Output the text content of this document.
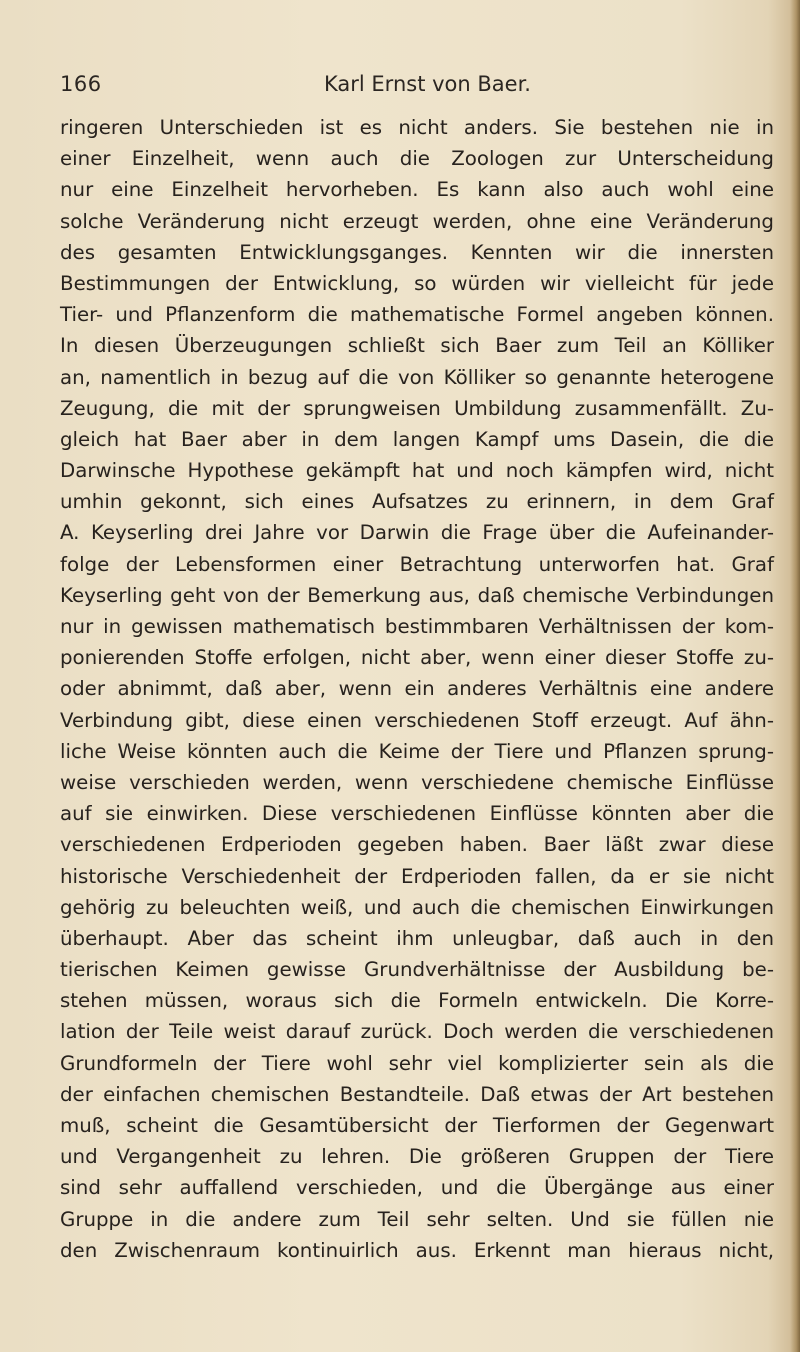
166	Karl Ernst von Baer.
ringeren Unterschieden ist es nicht anders. Sie bestehen nie in
einer Einzelheit, wenn auch die Zoologen zur Unterscheidung
nur eine Einzelheit hervorheben. Es kann also auch wohl eine
solche Veränderung nicht erzeugt werden, ohne eine Veränderung
des gesamten Entwicklungsganges. Kennten wir die innersten
Bestimmungen der Entwicklung, so würden wir vielleicht für jede
Tier- und Pflanzenform die mathematische Formel angeben können.
In diesen Überzeugungen schließt sich Baer zum Teil an Kölliker
an, namentlich in bezug auf die von Kölliker so genannte heterogene
Zeugung, die mit der sprungweisen Umbildung zusammenfällt. Zu-
gleich hat Baer aber in dem langen Kampf ums Dasein, die die
Darwinsche Hypothese gekämpft hat und noch kämpfen wird, nicht
umhin gekonnt, sich eines Aufsatzes zu erinnern, in dem Graf
A. Keyserling drei Jahre vor Darwin die Frage über die Aufeinander-
folge der Lebensformen einer Betrachtung unterworfen hat. Graf
Keyserling geht von der Bemerkung aus, daß chemische Verbindungen
nur in gewissen mathematisch bestimmbaren Verhältnissen der kom-
ponierenden Stoffe erfolgen, nicht aber, wenn einer dieser Stoffe zu-
oder abnimmt, daß aber, wenn ein anderes Verhältnis eine andere
Verbindung gibt, diese einen verschiedenen Stoff erzeugt. Auf ähn-
liche Weise könnten auch die Keime der Tiere und Pflanzen sprung-
weise verschieden werden, wenn verschiedene chemische Einflüsse
auf sie einwirken. Diese verschiedenen Einflüsse könnten aber die
verschiedenen Erdperioden gegeben haben. Baer läßt zwar diese
historische Verschiedenheit der Erdperioden fallen, da er sie nicht
gehörig zu beleuchten weiß, und auch die chemischen Einwirkungen
überhaupt. Aber das scheint ihm unleugbar, daß auch in den
tierischen Keimen gewisse Grundverhältnisse der Ausbildung be-
stehen müssen, woraus sich die Formeln entwickeln. Die Korre-
lation der Teile weist darauf zurück. Doch werden die verschiedenen
Grundformeln der Tiere wohl sehr viel komplizierter sein als die
der einfachen chemischen Bestandteile. Daß etwas der Art bestehen
muß, scheint die Gesamtübersicht der Tierformen der Gegenwart
und Vergangenheit zu lehren. Die größeren Gruppen der Tiere
sind sehr auffallend verschieden, und die Übergänge aus einer
Gruppe in die andere zum Teil sehr selten. Und sie füllen nie
den Zwischenraum kontinuirlich aus. Erkennt man hieraus nicht,
